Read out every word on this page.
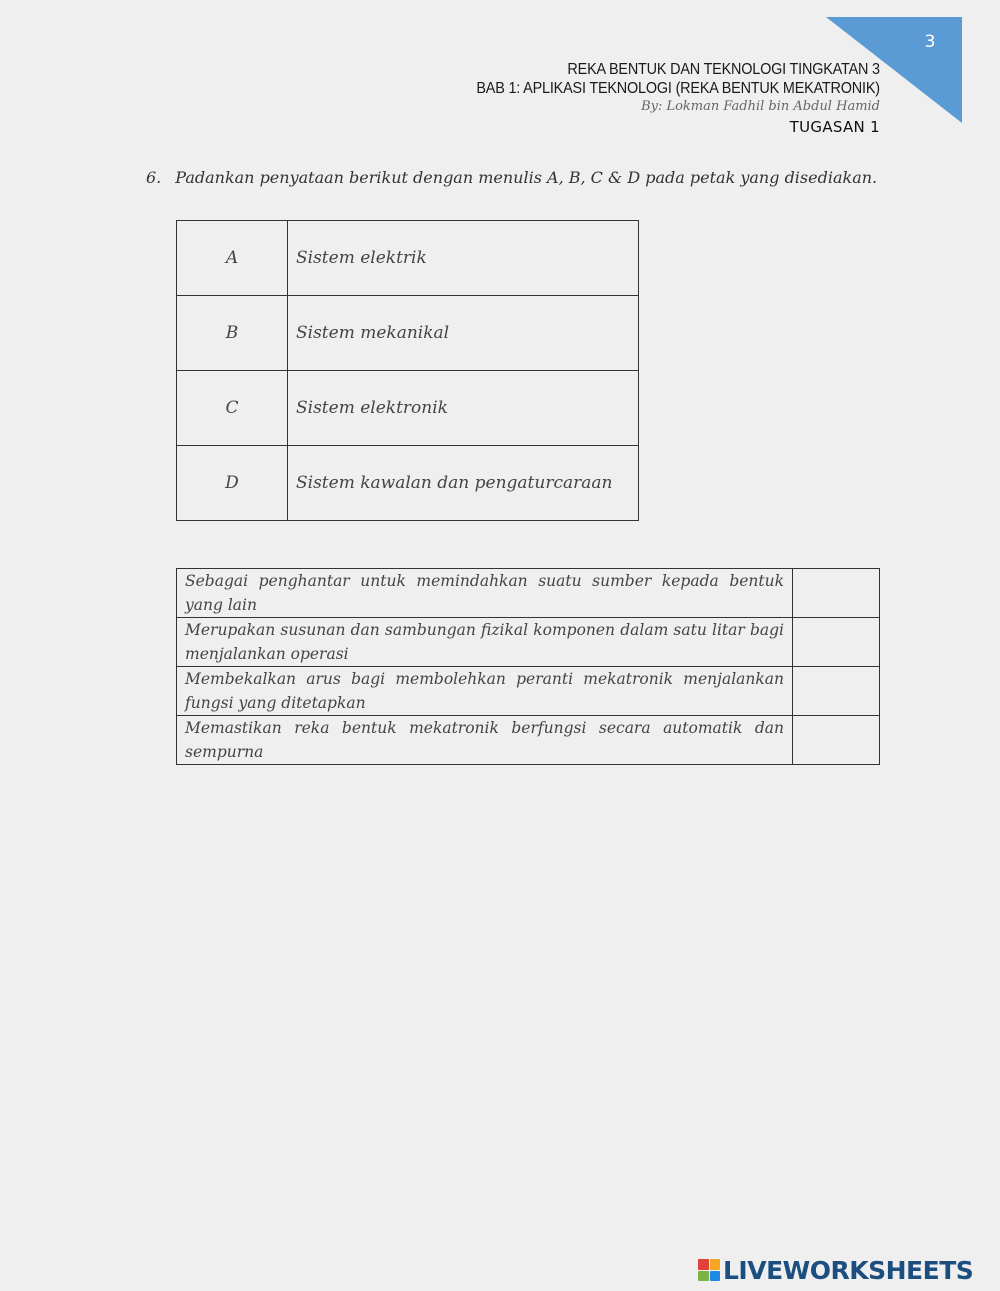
3
REKA BENTUK DAN TEKNOLOGI TINGKATAN 3
BAB 1: APLIKASI TEKNOLOGI (REKA BENTUK MEKATRONIK)
By: Lokman Fadhil bin Abdul Hamid
TUGASAN 1
6. Padankan penyataan berikut dengan menulis A, B, C & D pada petak yang disediakan.
A	Sistem elektrik
B	Sistem mekanikal
C	Sistem elektronik
D	Sistem kawalan dan pengaturcaraan
Sebagai penghantar untuk memindahkan suatu sumber kepada bentuk yang lain	

Merupakan susunan dan sambungan fizikal komponen dalam satu litar bagi menjalankan operasi	

Membekalkan arus bagi membolehkan peranti mekatronik menjalankan fungsi yang ditetapkan	

Memastikan reka bentuk mekatronik berfungsi secara automatik dan sempurna	
LIVEWORKSHEETS
